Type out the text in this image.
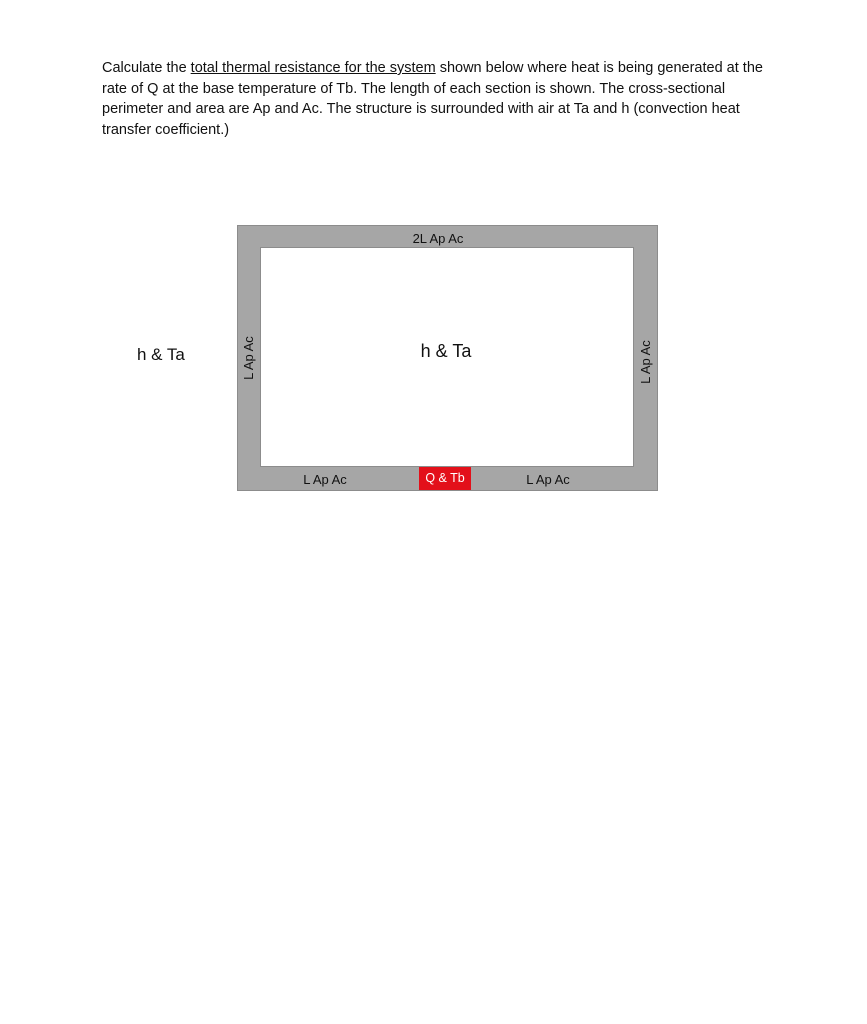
Calculate the total thermal resistance for the system shown below where heat is being generated at the rate of Q at the base temperature of Tb. The length of each section is shown. The cross-sectional perimeter and area are Ap and Ac. The structure is surrounded with air at Ta and h (convection heat transfer coefficient.)
h & Ta	h & Ta
2L Ap Ac
L Ap Ac	L Ap Ac
L Ap Ac	L Ap Ac
Q & Tb
